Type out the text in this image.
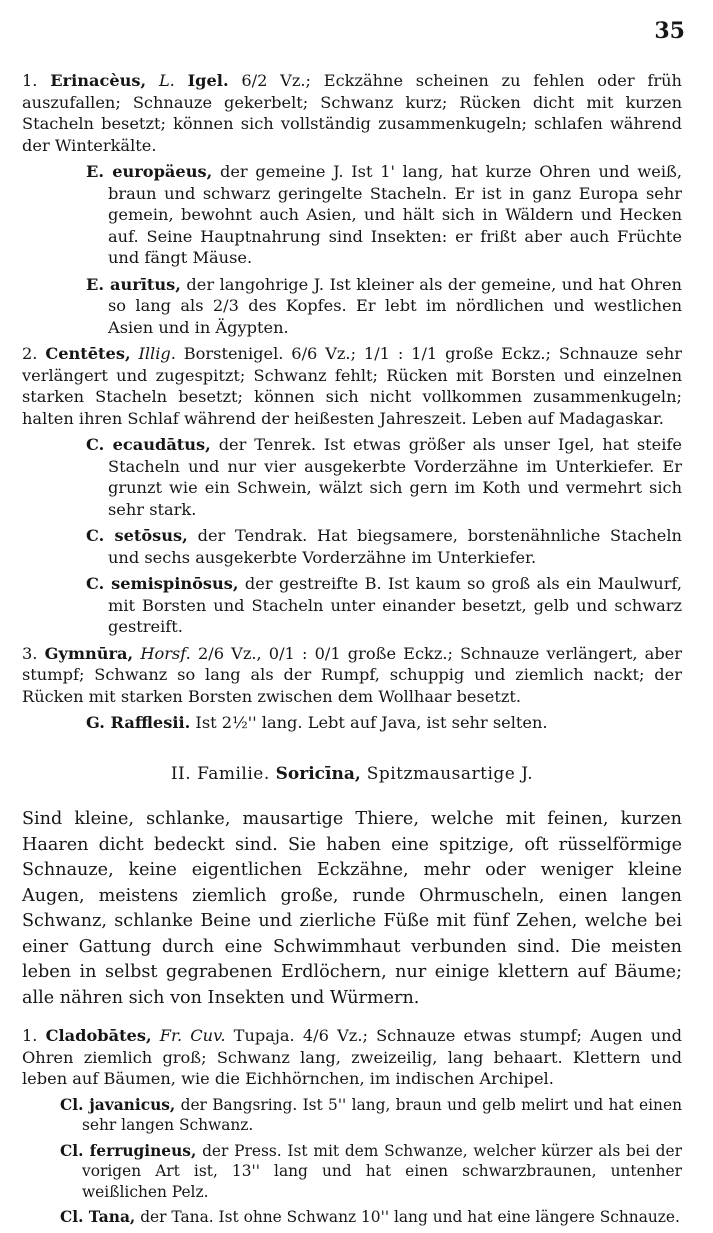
35

1. Erinacèus, L. Igel. 6/2 Vz.; Eckzähne scheinen zu fehlen oder früh auszufallen; Schnauze gekerbelt; Schwanz kurz; Rücken dicht mit kurzen Stacheln besetzt; können sich vollständig zusammenkugeln; schlafen während der Winterkälte.

E. europäeus, der gemeine J. Ist 1' lang, hat kurze Ohren und weiß, braun und schwarz geringelte Stacheln. Er ist in ganz Europa sehr gemein, bewohnt auch Asien, und hält sich in Wäldern und Hecken auf. Seine Hauptnahrung sind Insekten: er frißt aber auch Früchte und fängt Mäuse.

E. aurītus, der langohrige J. Ist kleiner als der gemeine, und hat Ohren so lang als 2/3 des Kopfes. Er lebt im nördlichen und westlichen Asien und in Ägypten.

2. Centētes, Illig. Borstenigel. 6/6 Vz.; 1/1 : 1/1 große Eckz.; Schnauze sehr verlängert und zugespitzt; Schwanz fehlt; Rücken mit Borsten und einzelnen starken Stacheln besetzt; können sich nicht vollkommen zusammenkugeln; halten ihren Schlaf während der heißesten Jahreszeit. Leben auf Madagaskar.

C. ecaudātus, der Tenrek. Ist etwas größer als unser Igel, hat steife Stacheln und nur vier ausgekerbte Vorderzähne im Unterkiefer. Er grunzt wie ein Schwein, wälzt sich gern im Koth und vermehrt sich sehr stark.

C. setōsus, der Tendrak. Hat biegsamere, borstenähnliche Stacheln und sechs ausgekerbte Vorderzähne im Unterkiefer.

C. semispinōsus, der gestreifte B. Ist kaum so groß als ein Maulwurf, mit Borsten und Stacheln unter einander besetzt, gelb und schwarz gestreift.

3. Gymnūra, Horsf. 2/6 Vz., 0/1 : 0/1 große Eckz.; Schnauze verlängert, aber stumpf; Schwanz so lang als der Rumpf, schuppig und ziemlich nackt; der Rücken mit starken Borsten zwischen dem Wollhaar besetzt.

G. Rafflesii. Ist 2½'' lang. Lebt auf Java, ist sehr selten.

II. Familie. Soricīna, Spitzmausartige J.

Sind kleine, schlanke, mausartige Thiere, welche mit feinen, kurzen Haaren dicht bedeckt sind. Sie haben eine spitzige, oft rüsselförmige Schnauze, keine eigentlichen Eckzähne, mehr oder weniger kleine Augen, meistens ziemlich große, runde Ohrmuscheln, einen langen Schwanz, schlanke Beine und zierliche Füße mit fünf Zehen, welche bei einer Gattung durch eine Schwimmhaut verbunden sind. Die meisten leben in selbst gegrabenen Erdlöchern, nur einige klettern auf Bäume; alle nähren sich von Insekten und Würmern.

1. Cladobātes, Fr. Cuv. Tupaja. 4/6 Vz.; Schnauze etwas stumpf; Augen und Ohren ziemlich groß; Schwanz lang, zweizeilig, lang behaart. Klettern und leben auf Bäumen, wie die Eichhörnchen, im indischen Archipel.

Cl. javanicus, der Bangsring. Ist 5'' lang, braun und gelb melirt und hat einen sehr langen Schwanz.

Cl. ferrugineus, der Press. Ist mit dem Schwanze, welcher kürzer als bei der vorigen Art ist, 13'' lang und hat einen schwarzbraunen, untenher weißlichen Pelz.

Cl. Tana, der Tana. Ist ohne Schwanz 10'' lang und hat eine längere Schnauze.
